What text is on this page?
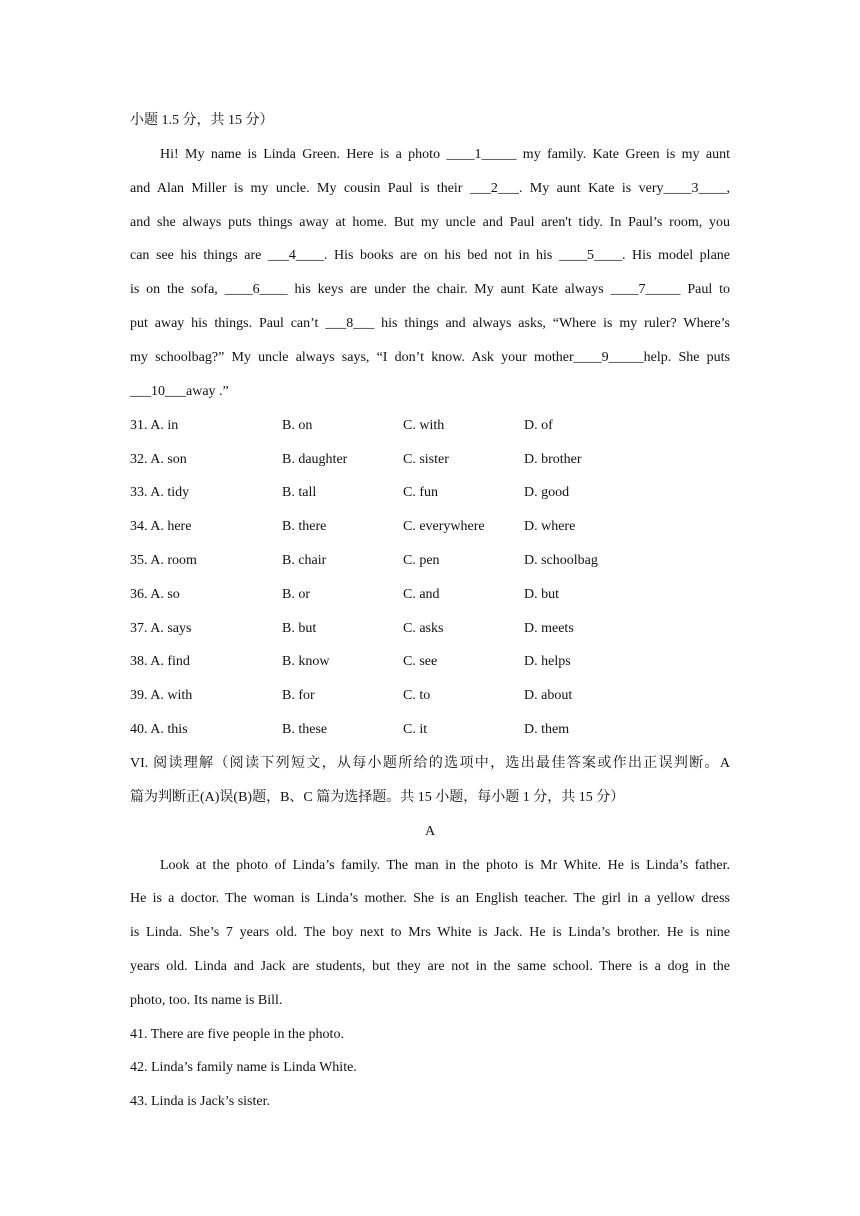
小题 1.5 分，共 15 分）
Hi! My name is Linda Green. Here is a photo ____1_____ my family. Kate Green is my aunt
and Alan Miller is my uncle. My cousin Paul is their ___2___. My aunt Kate is very____3____,
and she always puts things away at home. But my uncle and Paul aren't tidy. In Paul’s room, you
can see his things are ___4____. His books are on his bed not in his ____5____. His model plane
is on the sofa, ____6____ his keys are under the chair. My aunt Kate always ____7_____ Paul to
put away his things. Paul can’t ___8___ his things and always asks, “Where is my ruler? Where’s
my schoolbag?” My uncle always says, “I don’t know. Ask your mother____9_____help. She puts
___10___away .”
31. A. in	B. on	C. with	D. of
32. A. son	B. daughter	C. sister	D. brother
33. A. tidy	B. tall	C. fun	D. good
34. A. here	B. there	C. everywhere	D. where
35. A. room	B. chair	C. pen	D. schoolbag
36. A. so	B. or	C. and	D. but
37. A. says	B. but	C. asks	D. meets
38. A. find	B. know	C. see	D. helps
39. A. with	B. for	C. to	D. about
40. A. this	B. these	C. it	D. them
VI. 阅读理解（阅读下列短文，从每小题所给的选项中，选出最佳答案或作出正误判断。A
篇为判断正(A)误(B)题，B、C 篇为选择题。共 15 小题，每小题 1 分，共 15 分）
A
Look at the photo of Linda’s family. The man in the photo is Mr White. He is Linda’s father.
He is a doctor. The woman is Linda’s mother. She is an English teacher. The girl in a yellow dress
is Linda. She’s 7 years old. The boy next to Mrs White is Jack. He is Linda’s brother. He is nine
years old. Linda and Jack are students, but they are not in the same school. There is a dog in the
photo, too. Its name is Bill.
41. There are five people in the photo.
42. Linda’s family name is Linda White.
43. Linda is Jack’s sister.
